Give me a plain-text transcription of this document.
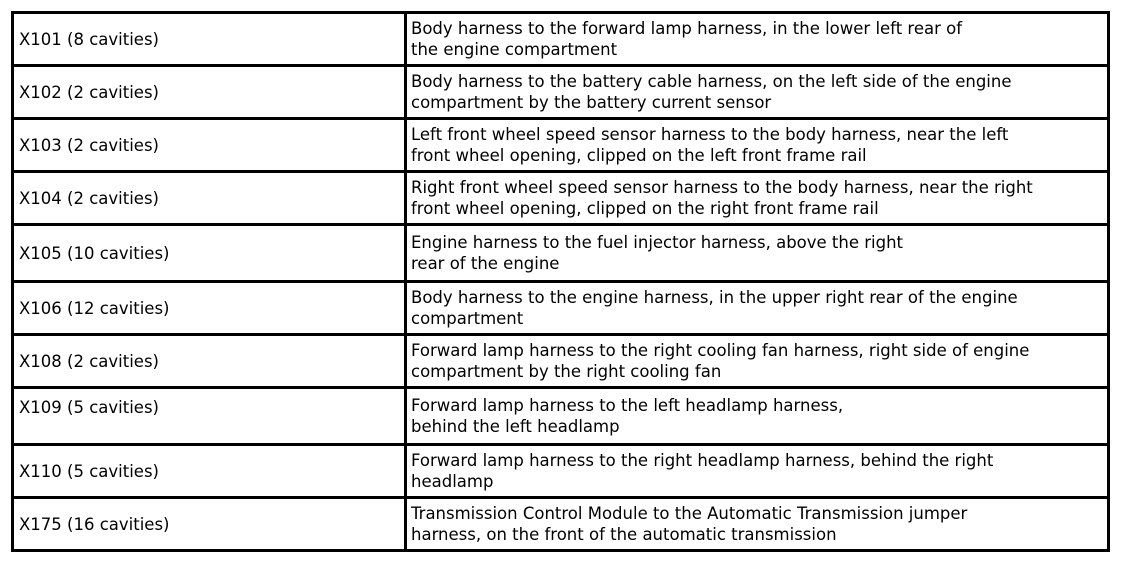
X101 (8 cavities)	Body harness to the forward lamp harness, in the lower left rear of
the engine compartment

X102 (2 cavities)	Body harness to the battery cable harness, on the left side of the engine
compartment by the battery current sensor

X103 (2 cavities)	Left front wheel speed sensor harness to the body harness, near the left
front wheel opening, clipped on the left front frame rail

X104 (2 cavities)	Right front wheel speed sensor harness to the body harness, near the right
front wheel opening, clipped on the right front frame rail

X105 (10 cavities)	Engine harness to the fuel injector harness, above the right
rear of the engine

X106 (12 cavities)	Body harness to the engine harness, in the upper right rear of the engine
compartment

X108 (2 cavities)	Forward lamp harness to the right cooling fan harness, right side of engine
compartment by the right cooling fan

X109 (5 cavities)	Forward lamp harness to the left headlamp harness,
behind the left headlamp

X110 (5 cavities)	Forward lamp harness to the right headlamp harness, behind the right
headlamp

X175 (16 cavities)	Transmission Control Module to the Automatic Transmission jumper
harness, on the front of the automatic transmission
